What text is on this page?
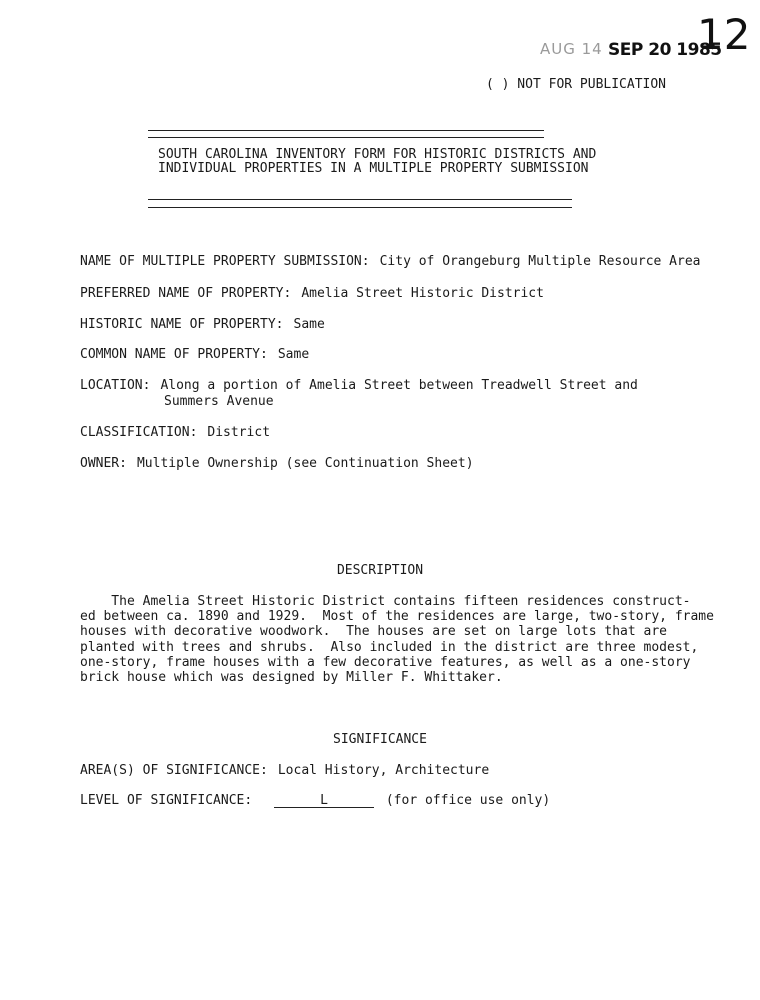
AUG 14 SEP 20 1985
12
( ) NOT FOR PUBLICATION
SOUTH CAROLINA INVENTORY FORM FOR HISTORIC DISTRICTS AND
INDIVIDUAL PROPERTIES IN A MULTIPLE PROPERTY SUBMISSION
NAME OF MULTIPLE PROPERTY SUBMISSION: City of Orangeburg Multiple Resource Area
PREFERRED NAME OF PROPERTY: Amelia Street Historic District
HISTORIC NAME OF PROPERTY: Same
COMMON NAME OF PROPERTY: Same
LOCATION: Along a portion of Amelia Street between Treadwell Street and
Summers Avenue
CLASSIFICATION: District
OWNER: Multiple Ownership (see Continuation Sheet)
DESCRIPTION
The Amelia Street Historic District contains fifteen residences construct-
ed between ca. 1890 and 1929.  Most of the residences are large, two-story, frame
houses with decorative woodwork.  The houses are set on large lots that are
planted with trees and shrubs.  Also included in the district are three modest,
one-story, frame houses with a few decorative features, as well as a one-story
brick house which was designed by Miller F. Whittaker.
SIGNIFICANCE
AREA(S) OF SIGNIFICANCE: Local History, Architecture
LEVEL OF SIGNIFICANCE:	L	(for office use only)
